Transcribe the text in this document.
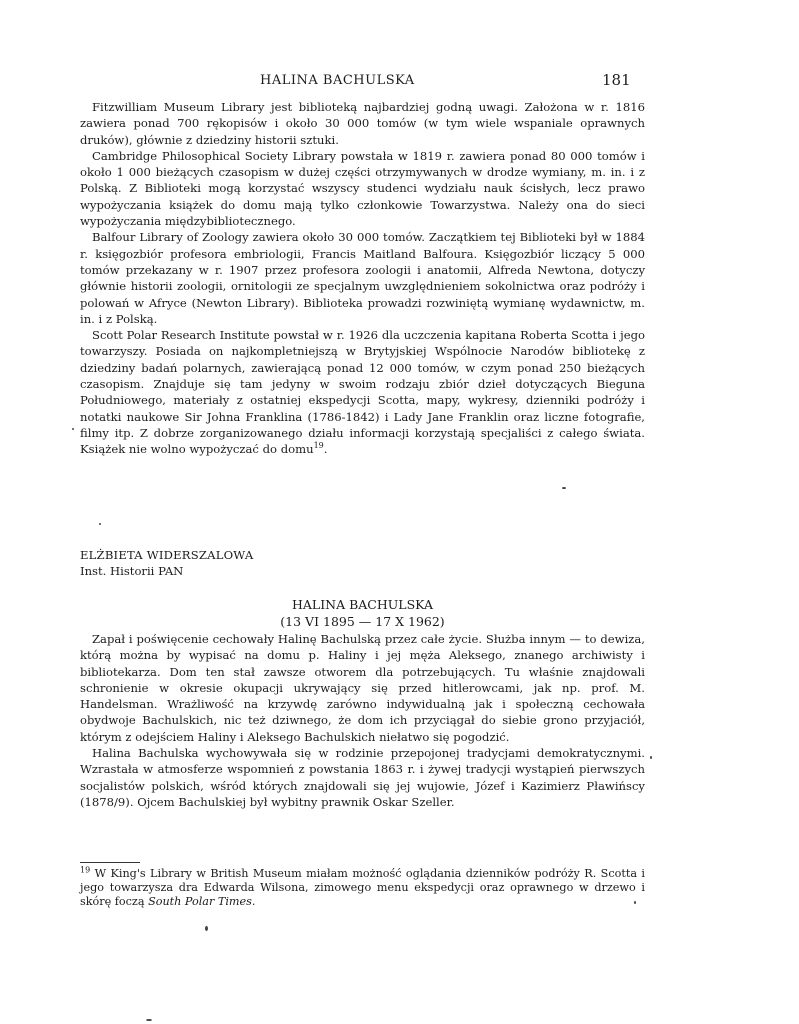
HALINA BACHULSKA	181

Fitzwilliam Museum Library jest biblioteką najbardziej godną uwagi. Założona w r. 1816 zawiera ponad 700 rękopisów i około 30 000 tomów (w tym wiele wspaniale oprawnych druków), głównie z dziedziny historii sztuki.

Cambridge Philosophical Society Library powstała w 1819 r. zawiera ponad 80 000 tomów i około 1 000 bieżących czasopism w dużej części otrzymywanych w drodze wymiany, m. in. i z Polską. Z Biblioteki mogą korzystać wszyscy studenci wydziału nauk ścisłych, lecz prawo wypożyczania książek do domu mają tylko członkowie Towarzystwa. Należy ona do sieci wypożyczania międzybibliotecznego.

Balfour Library of Zoology zawiera około 30 000 tomów. Zaczątkiem tej Biblioteki był w 1884 r. księgozbiór profesora embriologii, Francis Maitland Balfoura. Księgozbiór liczący 5 000 tomów przekazany w r. 1907 przez profesora zoologii i anatomii, Alfreda Newtona, dotyczy głównie historii zoologii, ornitologii ze specjalnym uwzględnieniem sokolnictwa oraz podróży i polowań w Afryce (Newton Library). Biblioteka prowadzi rozwiniętą wymianę wydawnictw, m. in. i z Polską.

Scott Polar Research Institute powstał w r. 1926 dla uczczenia kapitana Roberta Scotta i jego towarzyszy. Posiada on najkompletniejszą w Brytyjskiej Wspólnocie Narodów bibliotekę z dziedziny badań polarnych, zawierającą ponad 12 000 tomów, w czym ponad 250 bieżących czasopism. Znajduje się tam jedyny w swoim rodzaju zbiór dzieł dotyczących Bieguna Południowego, materiały z ostatniej ekspedycji Scotta, mapy, wykresy, dzienniki podróży i notatki naukowe Sir Johna Franklina (1786-1842) i Lady Jane Franklin oraz liczne fotografie, filmy itp. Z dobrze zorganizowanego działu informacji korzystają specjaliści z całego świata. Książek nie wolno wypożyczać do domu$^{19}$.

ELŻBIETA WIDERSZALOWA
Inst. Historii PAN
HALINA BACHULSKA
(13 VI 1895 — 17 X 1962)

Zapał i poświęcenie cechowały Halinę Bachulską przez całe życie. Służba innym — to dewiza, którą można by wypisać na domu p. Haliny i jej męża Aleksego, znanego archiwisty i bibliotekarza. Dom ten stał zawsze otworem dla potrzebujących. Tu właśnie znajdowali schronienie w okresie okupacji ukrywający się przed hitlerowcami, jak np. prof. M. Handelsman. Wrażliwość na krzywdę zarówno indywidualną jak i społeczną cechowała obydwoje Bachulskich, nic też dziwnego, że dom ich przyciągał do siebie grono przyjaciół, którym z odejściem Haliny i Aleksego Bachulskich niełatwo się pogodzić.

Halina Bachulska wychowywała się w rodzinie przepojonej tradycjami demokratycznymi. Wzrastała w atmosferze wspomnień z powstania 1863 r. i żywej tradycji wystąpień pierwszych socjalistów polskich, wśród których znajdowali się jej wujowie, Józef i Kazimierz Pławińscy (1878/9). Ojcem Bachulskiej był wybitny prawnik Oskar Szeller.

$^{19}$ W King's Library w British Museum miałam możność oglądania dzienników podróży R. Scotta i jego towarzysza dra Edwarda Wilsona, zimowego menu ekspedycji oraz oprawnego w drzewo i skórę foczą South Polar Times.
